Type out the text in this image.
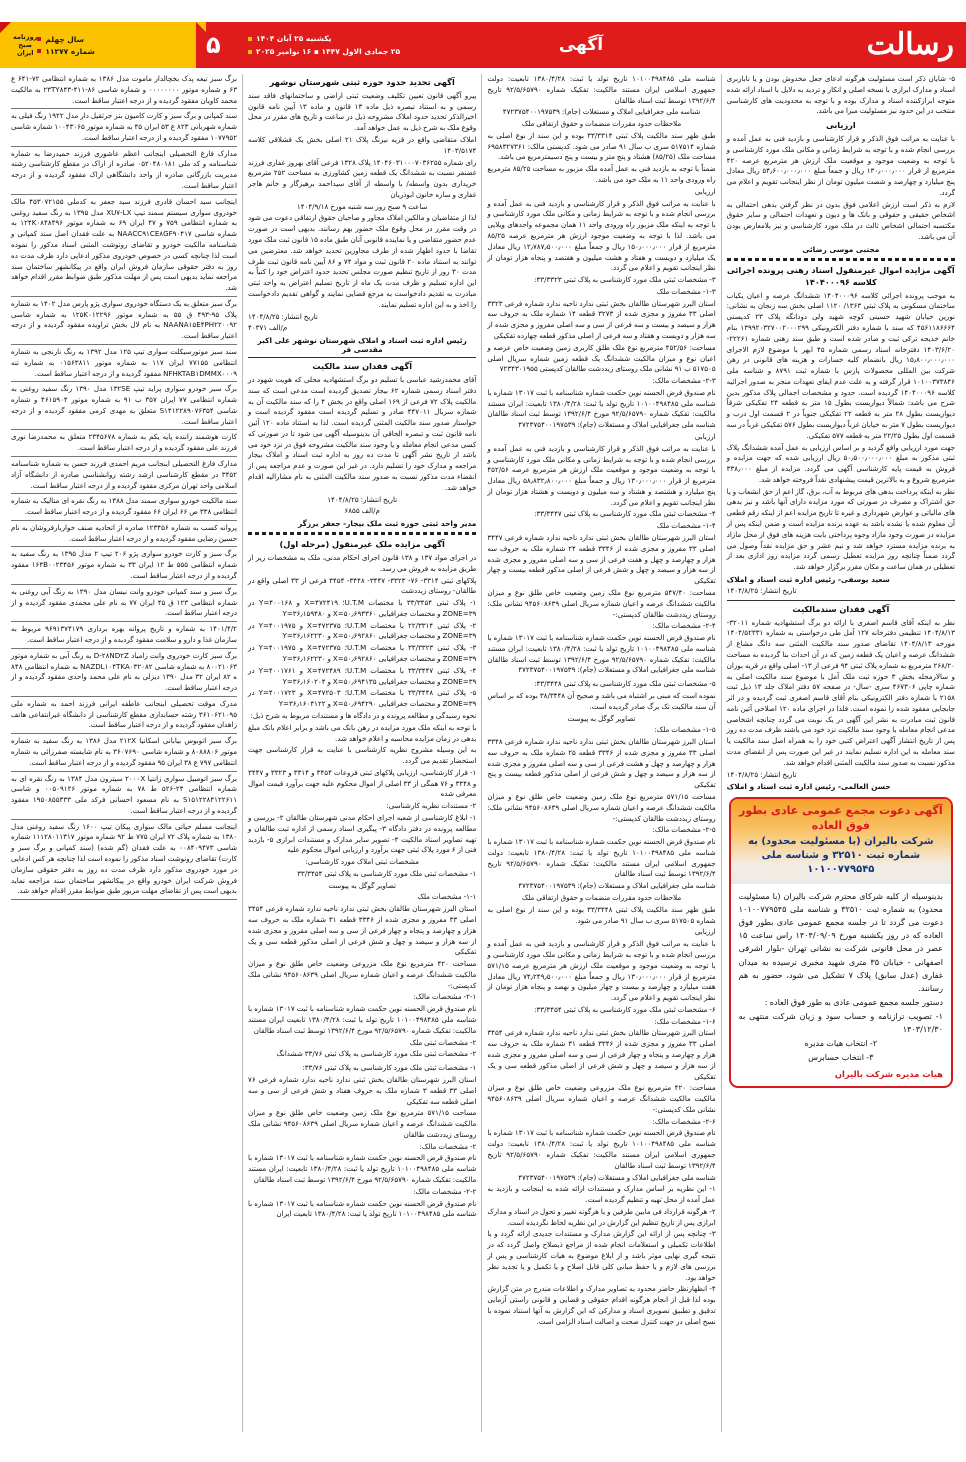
روزنامه
صبح
ایران
سال چهلم
شماره ۱۱۲۷۷	رسالت
آگهی
یکشنبه ۲۵ آبان ۱۴۰۴
۲۵ جمادی الاول ۱۴۴۷ ▪ ۱۶ نوامبر ۲۰۲۵
۵
۵- شایان ذکر است مسئولیت هرگونه ادعای جعل مخدوش بودن و یا ناباربری اسناد و مدارک ابرازی با نسخه اصلی و انکار و تردید به دلایل با اسناد ارائه شده متوجه ابرازکننده اسناد و مدارک بوده و با توجه به محدودیت های کارشناسی منتخب در این حدود نیز مسئولیت مبرا می باشد.
ارزیابی
با عنایت به مراتب فوق الذکر و قرار کارشناسی و بازدید فنی به عمل آمده و بررسی انجام شده و با توجه به شرایط زمانی و مکانی ملک مورد کارشناسی و با توجه به وضعیت موجود و موقعیت ملک ارزش هر مترمربع عرصه ۴۲۰ مترمربع از قرار ۱۳۰٫۰۰۰٫۰۰۰ ریال و جمعاً مبلغ ۵۴٫۶۰۰٫۰۰۰٫۰۰۰ ریال معادل پنج میلیارد و چهارصد و شصت میلیون تومان از نظر اینجانب تقویم و اعلام می گردد.
لازم به ذکر است ارزش اعلامی فوق بدون در نظر گرفتن بدهی احتمالی به اشخاص حقیقی و حقوقی و بانک ها و دیون و تعهدات احتمالی و سایر حقوق مکتسبه احتمالی اشخاص ثالث در ملک مورد کارشناسی و نیز بلامعارض بودن آن می باشد.
مجتبی موسی رضائی
آگهی مزایده اموال غیرمنقول اسناد رهنی پرونده اجرائی کلاسه ۱۴۰۴۰۰۰۹۶
به موجب پرونده اجرائی کلاسه ۱۴۰۴۰۰۰۹۶ ششدانگ عرصه و اعیان یکباب ساختمان مسکونی به پلاک ثبتی ۱۳۶۳/ ۱۱۲۰ اصلی بخش سه زنجان به نشانی: نورین خیابان شهید حسینی کوچه شهید ولی دودانگه پلاک ۲۳ کدپستی ۴۵۶۱۱۸۶۶۶۴ که سند با شماره دفتر الکترونیکی ۱۳۹۹۲۰۳۲۷۰۰۲۰۰۰۲۹۹ بنام خانم خدیجه ترکی ثبت و صادر شده است و طبق سند رهنی شماره ۲۲۲۶۱- ۱۴۰۳/۶/۲۰ دفترخانه اسناد رسمی شماره ۴۵ ابهر با موضوع لازم الاجرای ۱۵٫۸۰۰٫۰۰۰٫۰۰۰ ریال بانضمام کلیه خسارات و هزینه های قانونی در رهن شرکت بین المللی محصولات پارس با شماره ثبت ۸۷۹۱ و شناسه ملی ۱۰۱۰۰۳۷۳۸۴۶ قرار گرفته و به علت عدم ایفای تعهدات منجر به صدور اجرائیه کلاسه ۱۴۰۴۰۰۰۹۶ گردیده است. حدود و مشخصات اجمالی پلاک مذکور بدین شرح می باشد: شمالاً دیواریست بطول ۱۵ متر به قطعه ۲۴ تفکیکی شرقاً دیواریست بطول ۲۸ متر به قطعه ۲۲ تفکیکی جنوباً در ۲ قسمت اول درب و دیواریست بطول ۷ متر به خیابان غرباً دیواریست بطول ۵۷۶ تفکیکی غرباً در سه قسمت اول بطول ۲۲/۲۵ متر به قطعه ۵۷۷ تفکیکی.
جهت مورد ارزیابی واقع گردید و بر اساس ارزیابی به عمل آمده ششدانگ پلاک ثبتی مذکور به مبلغ ۵۰٫۵۰۰٫۰۰۰٫۰۰۰ ریال ارزیابی شده که جهت مزایده و فروش به قیمت پایه کارشناسی آگهی می گردد. مزایده از مبلغ ۳۳۸٫۰۰۰ مترمربع شروع و به بالاترین قیمت پیشنهادی نقداً فروخته خواهد شد.
نظر به اینکه پرداخت بدهی های مربوط به آب، برق، گاز اعم از حق انشعاب و یا حق اشتراک و مصرف در صورتی که مورد مزایده دارای آنها باشد و نیز بدهی های مالیاتی و عوارض شهرداری و غیره تا تاریخ مزایده اعم از اینکه رقم قطعی آن معلوم شده یا نشده باشد به عهده برنده مزایده است و ضمن اینکه پس از مزایده در صورت وجود مازاد وجوه پرداختی بابت هزینه های فوق از محل مازاد به برنده مزایده مسترد خواهد شد و نیم عشر و حق مزایده نقداً وصول می گردد ضمناً چنانچه روز مزایده تعطیل رسمی گردد مزایده روز اداری بعد از تعطیلی در همان ساعت و مکان مقرر برگزار خواهد شد.
سعید یوسفی- رئیس اداره ثبت اسناد و املاک
تاریخ انتشار: ۱۴۰۴/۸/۲۵
آگهی فقدان سندمالکیت
نظر به اینکه آقای قاسم اصغری با ارائه دو برگ استشهادیه شماره ۳۲۰۱۱- ۱۴۰۴/۸/۱۳ تنظیمی دفترخانه ۱۲۷ آمل طی درخواستی به شماره ۱۴۰۴/۵۲۳۳۱ مورخه ۱۴۰۴/۸/۱۳ تقاضای صدور سند مالکیت المثنی سه دانگ مشاع از ششدانگ عرصه و اعیان یک قطعه زمین که در آن احداث بنا گردیده به مساحت ۲۶۸/۲۰ مترمربع به شماره پلاک ثبتی ۹۴ فرعی از ۱۳- اصلی واقع در قریه بوران و سالارمحله بخش ۳ حوزه ثبت ملک آمل با موضوع سند مالکیت اصلی به شماره چاپی ۴۶۷۳۰۶ سری -سال- در صفحه ۵۷ دفتر املاک جلد ۱۳ ذیل ثبت ۲۱۵۸ با شماره دفتر الکترونیکی بنام آقای قاسم اصغری ثبت گردیده و در اثر جابجایی مفقود شده را نموده است. فلذا در اجرای ماده ۱۲۰ اصلاحی آئین نامه قانون ثبت مبادرت به نشر این آگهی در یک نوبت می گردد چنانچه اشخاصی مدعی انجام معامله یا وجود سند مالکیت نزد خود می باشند ظرف مدت ده روز پس از تاریخ انتشار آگهی اعتراض کتبی خود را به همراه اصل سند مالکیت یا سند معامله به این اداره تسلیم نمایند در غیر این صورت پس از انقضای مدت مذکور نسبت به صدور سند مالکیت المثنی اقدام خواهد شد.
تاریخ انتشار: ۱۴۰۴/۸/۲۵
حسن العالمی- رئیس اداره ثبت اسناد و املاک
آگهی دعوت مجمع عمومی عادی بطور فوق العاده
شرکت بالیران (با مسئولیت محدود) به شماره ثبت ۳۲۵۱۰ و شناسه ملی ۱۰۱۰۰۷۷۹۵۴۵
بدینوسیله از کلیه شرکای محترم شرکت بالیران (با مسئولیت محدود) به شماره ثبت ۳۲۵۱۰ و شناسه ملی ۱۰۱۰۰۷۷۹۵۴۵ دعوت می گردد تا در جلسه مجمع عمومی عادی بطور فوق العاده که در روز یکشنبه مورخ ۱۴۰۴/۰۹/۰۹ راس ساعت ۱۵ عصر در محل قانونی شرکت به نشانی تهران -بلوار اشرفی اصفهانی - خیابان ۳۵ متری شهید مخبری نرسیده به میدان غفاری (عدل سابق) پلاک ۷ تشکیل می شود، حضور به هم رسانند.
دستور جلسه مجمع عمومی عادی به طور فوق العاده :
۱- تصویب ترازنامه و حساب سود و زیان شرکت منتهی به ۱۴۰۳/۱۲/۳۰
۲- انتخاب هیات مدیره
۳- انتخاب حسابرس
هیات مدیره شرکت بالیران
شناسه ملی ۱۰۱۰۰۴۹۸۴۸۵ تاریخ تولد یا ثبت: ۱۳۸۰/۴/۲۸ تابعیت: دولت جمهوری اسلامی ایران مستند مالکیت: تفکیک شماره ۹۲/۵/۶۵۷۹۰ تاریخ ۱۳۹۲/۶/۴ توسط ثبت اسناد طالقان
شناسه ملی جغرافیایی املاک و مستغلات (جام): ۴۷۲۳۷۵۴۰۰۱۹۷۵۳۹
ملاحظات حدود مقررات منضمات و حقوق ارتفاقی ملک
طبق ظهر سند مالکیت پلاک ثبتی ۳۳/۳۳۱۴ بوده و این سند از نوع اصلی به شماره ۵۱۷۵۱۴ سری ب سال ۹۱ صادر می شود. کدپستی مالک: ۶۹۵۸۳۲۷۳۶۱ مساحت ملک (۸۵/۲۵) هشتاد و پنج متر و بیست و پنج دسیمترمربع می باشد.
ضمناً با توجه به بازدید فنی به عمل آمده ملک مزبور به مساحت ۸۵/۲۵ مترمربع راه ورودی واحد ۱۱ به ملک خود می باشد.
ارزیابی
با عنایت به مراتب فوق الذکر و قرار کارشناسی و بازدید فنی به عمل آمده و بررسی انجام شده و با توجه به شرایط زمانی و مکانی ملک مورد کارشناسی و با توجه به اینکه ملک مزبور راه ورودی واحد ۱۱ همان مجموعه واحدهای ویلایی می باشد. لذا با توجه به وضعیت موجود ارزش هر مترمربع عرصه ۸۵/۲۵ مترمربع از قرار ۱۵۰٫۰۰۰٫۰۰۰ ریال و جمعاً مبلغ ۱۲٫۷۸۷٫۵۰۰٫۰۰۰ ریال معادل یک میلیارد و دویست و هفتاد و هشت میلیون و هفتصد و پنجاه هزار تومان از نظر اینجانب تقویم و اعلام می گردد.
۳- مشخصات ثبتی ملک مورد کارشناسی به پلاک ثبتی ۳۳/۳۳۲۳:
۱-۳- مشخصات ملک
استان البرز شهرستان طالقان بخش ثبتی ندارد ناحیه ندارد شماره فرعی ۳۳۲۳ اصلی ۳۳ مفروز و مجزی شده از ۳۲۷۳ قطعه ۱۴ شماره ملک به حروف سه هزار و سیصد و بیست و سه فرعی از سی و سه اصلی مفروز و مجزی شده از سه هزار و دویست و هفتاد و سه فرعی از اصلی مذکور قطعه چهارده تفکیکی
مساحت: ۴۵۲/۵۶ مترمربع نوع ملک طلق کاربری زمین وضعیت خاص عرصه و اعیان نوع و میزان مالکیت ششدانگ یک قطعه زمین شماره سریال اصلی ۵۱۷۵۰۵ ب ۹۱ نشانی ملک روستای زیددشت طالقان کدپستی ۷۲۳۴۳۰۱۹۵۵
۲-۳- مشخصات مالک:
نام صندوق قرض الحسنه نوین حکمت شماره شناسنامه با ثبت ۱۳۰۱۷ شماره با شناسه ملی ۱۰۱۰۰۴۹۸۴۸۵ تاریخ تولد یا ثبت: ۱۳۸۰/۴/۲۸ تابعیت: ایران مستند مالکیت: تفکیک شماره ۹۲/۵/۶۵۷۹۰ مورخ ۱۳۹۲/۶/۴ توسط ثبت اسناد طالقان شناسه ملی جغرافیایی املاک و مستغلات (جام): ۴۷۲۳۷۵۴۰۰۱۹۷۵۳۹
ارزیابی
با عنایت به مراتب فوق الذکر و قرار کارشناسی و بازدید فنی به عمل آمده و بررسی انجام شده و با توجه به شرایط زمانی و مکانی ملک مورد کارشناسی و با توجه به وضعیت موجود و موقعیت ملک ارزش هر مترمربع عرصه ۴۵۲/۵۶ مترمربع از قرار ۱۳۰٫۰۰۰٫۰۰۰ ریال و جمعاً مبلغ ۵۸٫۸۳۲٫۸۰۰٫۰۰۰ ریال معادل پنج میلیارد و هشتصد و هشتاد و سه میلیون و دویست و هشتاد هزار تومان از نظر اینجانب تقویم و اعلام می گردد.
۴- مشخصات ثبتی ملک مورد کارشناسی به پلاک ثبتی ۳۳/۳۴۴۷:
۱-۴- مشخصات ملک
استان البرز شهرستان طالقان بخش ثبتی ندارد ناحیه ندارد شماره فرعی ۳۴۴۷ اصلی ۳۳ مفروز و مجزی شده از ۳۳۴۶ قطعه ۲۴ شماره ملک به حروف سه هزار و چهارصد و چهل و هفت فرعی از سی و سه اصلی مفروز و مجزی شده از سه هزار و سیصد و چهل و شش فرعی از اصلی مذکور قطعه بیست و چهار تفکیکی
مساحت: ۵۴۷/۴۰ مترمربع نوع ملک زمین وضعیت خاص طلق نوع و میزان مالکیت ششدانگ عرصه و اعیان شماره سریال اصلی ۹۴۵۶۰۸۶۳۹ نشانی ملک: روستای زیددشت طالقان کدپستی:-
۲-۴- مشخصات مالک:
نام صندوق قرض الحسنه نوین حکمت شماره شناسنامه با ثبت ۱۳۰۱۷ شماره با شناسه ملی ۱۰۱۰۰۴۹۸۴۸۵ تاریخ تولد یا ثبت: ۱۳۸۰/۴/۲۸ تابعیت: ایران مستند مالکیت: تفکیک شماره ۹۲/۵/۶۵۷۹۰ مورخ ۱۳۹۲/۶/۴ توسط ثبت اسناد طالقان شناسه ملی جغرافیایی املاک و مستغلات (جام): ۴۷۲۳۷۵۴۰۰۱۹۷۵۳۹
۵- مشخصات ثبتی ملک مورد کارشناسی به پلاک ثبتی ۳۳/۳۴۴۸:
نموده است که مبنی بر اشتباه می باشد و صحیح آن ۳۸/۳۴۴۸ بوده که بر اساس آن سند مالکیت تک برگ صادر گردیده است.
تصاویر گوگل به پیوست
۱-۵- مشخصات ملک:
استان البرز شهرستان طالقان بخش ثبتی ندارد ناحیه ندارد شماره فرعی ۳۳۴۸ اصلی ۳۳ مفروز و مجزی شده از ۳۳۴۶ قطعه ۲۵ شماره ملک به حروف سه هزار و چهارصد و چهل و هشت فرعی از سی و سه اصلی مفروز و مجزی شده از سه هزار و سیصد و چهل و شش فرعی از اصلی مذکور قطعه بیست و پنج تفکیکی
مساحت ۵۷۱/۱۵ مترمربع نوع ملک زمین وضعیت خاص طلق نوع و میزان مالکیت ششدانگ عرصه و اعیان شماره سریال اصلی ۹۴۵۶۰۸۶۳۹ نشانی ملک: روستای زیددشت طالقان کدپستی:-
۲-۵- مشخصات مالک:
نام صندوق قرض الحسنه نوین حکمت شماره شناسنامه با ثبت ۱۳۰۱۷ شماره با شناسه ملی ۱۰۱۰۰۴۹۸۴۸۵ تاریخ تولد یا ثبت: ۱۳۸۰/۴/۲۸ تابعیت: دولت جمهوری اسلامی ایران مستند مالکیت: تفکیک شماره ۹۲/۵/۶۵۷۹۰ تاریخ ۱۳۹۲/۶/۴ توسط ثبت اسناد طالقان
شناسه ملی جغرافیایی املاک و مستغلات (جام): ۴۷۲۳۷۵۴۰۰۱۹۷۵۳۹
ملاحظات حدود مقررات منضمات و حقوق ارتفاقی ملک
طبق ظهر سند مالکیت پلاک ثبتی ۳۳/۳۴۴۸ بوده و این سند از نوع اصلی به شماره ۵۱۷۵۰۵ سری ب سال ۹۱ صادر می شود.
ارزیابی
با عنایت به مراتب فوق الذکر و قرار کارشناسی و بازدید فنی به عمل آمده و بررسی انجام شده و با توجه به شرایط زمانی و مکانی ملک مورد کارشناسی و با توجه به وضعیت موجود و موقعیت ملک ارزش هر مترمربع عرصه ۵۷۱/۱۵ مترمربع از قرار ۱۳۰٫۰۰۰٫۰۰۰ ریال و جمعاً مبلغ ۷۴٫۲۴۹٫۵۰۰٫۰۰۰ ریال معادل هفت میلیارد و چهارصد و بیست و چهار میلیون و نهصد و پنجاه هزار تومان از نظر اینجانب تقویم و اعلام می گردد.
۶- مشخصات ثبتی ملک مورد کارشناسی به پلاک ثبتی ۳۳/۳۴۵۴:
۱-۶- مشخصات ملک:
استان البرز شهرستان طالقان بخش ثبتی ندارد ناحیه ندارد شماره فرعی ۳۴۵۴ اصلی ۳۳ مفروز و مجزی شده از ۳۳۴۶ قطعه ۳۱ شماره ملک به حروف سه هزار و چهارصد و پنجاه و چهار فرعی از سی و سه اصلی مفروز و مجزی شده از سه هزار و سیصد و چهل و شش فرعی از اصلی مذکور قطعه سی و یک تفکیکی
مساحت: ۴۲۰ مترمربع نوع ملک مزروعی وضعیت خاص طلق نوع و میزان مالکیت مالکیت ششدانگ عرصه و اعیان شماره سریال اصلی ۹۴۵۶۰۸۶۳۹ نشانی ملک کدپستی:-
۲-۶- مشخصات مالک:
نام صندوق قرض الحسنه نوین حکمت شماره شناسنامه با ثبت ۱۳۰۱۷ شماره با شناسه ملی ۱۰۱۰۰۴۹۸۴۸۵ تاریخ تولد یا ثبت: ۱۳۸۰/۴/۲۸ تابعیت: دولت جمهوری اسلامی ایران مستند مالکیت: تفکیک شماره ۹۲/۵/۶۵۷۹۰ تاریخ ۱۳۹۲/۶/۴ توسط ثبت اسناد طالقان
شناسه ملی جغرافیایی املاک و مستغلات (جام): ۴۷۲۳۷۵۴۰۰۱۹۷۵۳۹
۱- این نظریه بر اساس مدارک و مستندات ارائه شده به اینجانب و بازدید به عمل آمده از محل تهیه و تنظیم گردیده است.
۲- هرگونه قرارداد فی مابین طرفین و یا هرگونه تغییر و تحول در اسناد و مدارک ابرازی پس از تاریخ تنظیم این گزارش در این نظریه لحاظ نگردیده است.
۳- چنانچه پس از ارائه این گزارش مدارک و مستندات جدیدی ارائه گردد و یا اطلاعات تکمیلی و استعلامات انجام شده از مراجع ذیصلاح واصل گردد که در نتیجه گیری نهایی موثر باشد و از ابلاغ موضوع به هیات کارشناسی و پس از بررسی های لازم و با حفظ مبانی کلی قابل اصلاح و یا تکمیل و یا تجدید نظر خواهد بود.
۴- انظهارنظر حاضر محدود به تصاویر مدارک و اطلاعات مندرج در متن گزارش بوده لذا قبل از انجام هرگونه اقدام حقوقی و قضایی و قانونی راستی آزمایی تدقیق و تطبیق تصویری اسناد و مدارکی که این گزارش به آنها استناد نموده با نسخ اصلی در جهت کنترل صحت و اصالت اسناد الزامی است.
آگهی تحدید حدود حوزه ثبتی شهرستان نوشهر
پیرو آگهی قانون تعیین تکلیف وضعیت ثبتی اراضی و ساختمانهای فاقد سند رسمی و به استناد تبصره ذیل ماده ۱۳ قانون و ماده ۱۳ آیین نامه قانون اخیرالذکر تحدید حدود املاک مشروحه ذیل در ساعت و تاریخ های مقرر در محل وقوع ملک به شرح ذیل به عمل خواهد آمد.
املاک متقاضی واقع در قریه نیرنگ پلاک ۲۱ اصلی بخش یک قشلاقی کلاسه ۱۴۰۳/۵۱۷۴
رای شماره ۱۴۰۴۶۰۳۱۰۰۰۷۰۳۶۲۵۵ پلاک ۱۳۲۸ فرعی آقای بهروز غفاری فرزند غضنفر نسبت به ششدانگ یک قطعه زمین کشاورزی به مساحت ۲۵۲ مترمربع خریداری بدون واسطه/ با واسطه از آقای سیداحمد برهیزگار و خانم هاجر غفاری و ساره خانون ابوذریان
ساعت ۹ صبح روز سه شنبه مورخ ۱۴۰۴/۹/۱۸
لذا از متقاضیان و مالکین املاک مجاور و صاحبان حقوق ارتفاقی دعوت می شود در وقت مقرر در محل وقوع ملک حضور بهم رسانند. بدیهی است در صورت عدم حضور متقاضی و یا نماینده قانونی آنان طبق ماده ۱۵ قانون ثبت ملک مورد تقاضا با حدود اظهار شده از طرف مجاورین تحدید خواهد شد. معترضین می توانند به استناد ماده ۲۰ قانون ثبت و مواد ۷۴ و ۸۶ آیین نامه قانون ثبت ظرف مدت ۳۰ روز از تاریخ تنظیم صورت مجلس تحدید حدود اعتراض خود را کتباً به این اداره تسلیم و ظرف مدت یک ماه از تاریخ تسلیم اعتراض به واحد ثبتی مبادرت به تقدیم دادخواست به مرجع قضایی نمایند و گواهی تقدیم دادخواست را اخذ و به این اداره تسلیم نمایند.
تاریخ انتشار: ۱۴۰۴/۸/۲۵
م/الف ۴۰۳۷۱
رئیس اداره ثبت اسناد و املاک شهرستان نوشهر علی اکبر مقدسی فر
آگهی فقدان سند مالکیت
آقای محمدرشید عباسی با تسلیم دو برگ استشهادیه محلی که هویت شهود در دفتر اسناد رسمی شماره ۶۲ بیجار تصدیق گردیده است مدعی است که سند مالکیت پلاک ۷۲ فرعی از ۱۶۹ اصلی واقع در بخش ۴ را که سند مالکیت آن به شماره سریال ۴۴۷۰۱۱ صادر و تسلیم گردیده است مفقود گردیده است و خواستار صدور سند مالکیت المثنی گردیده است. لذا به استناد ماده ۱۲۰ آئین نامه قانون ثبت و تبصره الحاقی آن بدینوسیله آگهی می شود تا در صورتی که کسی مدعی انجام معامله و یا وجود سند مالکیت مشروحه فوق در نزد خود می باشد از تاریخ نشر آگهی تا مدت ده روز به اداره ثبت اسناد و املاک بیجار مراجعه و مدارک خود را تسلیم دارد. در غیر این صورت و عدم مراجعه پس از انقضاء مدت مذکور نسبت به صدور سند مالکیت المثنی به نام مشارالیه اقدام خواهد شد.
تاریخ انتشار: ۱۴۰۴/۸/۲۵
م/الف ۶۸۵۵
مدیر واحد ثبتی حوزه ثبت ملک بیجار- جعفر برزگر
آگهی مزایده ملک غیرمنقول (مرحله اول)
در اجرای مواد ۱۳۷ و ۱۳۸ قانون اجرای احکام مدنی، ملک به مشخصات زیر از طریق مزایده به فروش می رسد.
پلاکهای ثبتی ۳۳۱۴- ۷۶- ۳۳۲۳- ۳۴۴۷- ۳۴۴۸- ۳۴۵۴ فرعی از ۳۳ اصلی واقع در طالقان- روستای زیددشت
۱- پلاک ثبتی ۳۳/۳۴۵۴ با مختصات U.T.M؛ X=۴۷۲۴۱۹ و Y=۴۰۰۱۶۸ در ZONE=۳۹ و مختصات جغرافیایی X=۵۰٫۶۹۳۳۶۰ و Y=۳۶٫۱۵۹۴۸۰
۲- پلاک ثبتی ۲۲/۳۳۱۴ با مختصات U.T.M؛ X=۴۷۲۳۷۵ و Y=۴۰۰۱۹۷۵ در ZONE=۳۹ و مختصات جغرافیایی X=۵۰٫۶۹۲۸۶۰ و Y=۳۶٫۱۶۲۲۳۰
۳- پلاک ثبتی ۳۳/۳۳۲۳ با مختصات U.T.M؛ X=۴۷۲۳۷۵ و Y=۴۰۰۱۹۷۵ در ZONE=۳۹ و مختصات جغرافیایی X=۵۰٫۶۹۲۸۶۰ و Y=۳۶٫۱۶۲۲۳۰
۴- پلاک ثبتی ۳۳/۳۴۴۷ با مختصات U.T.M؛ X=۴۷۲۴۸۹ و Y=۴۰۰۱۷۶۱ در ZONE=۳۹ و مختصات جغرافیایی X=۵۰٫۶۹۴۱۳۵ و Y=۳۶٫۱۶۰۲۰۴
۵- پلاک ثبتی ۳۳/۳۴۴۸ با مختصات U.T.M؛ X=۴۷۲۵۰۳ و Y=۴۰۰۱۷۲۳ در ZONE=۳۹ و مختصات جغرافیایی X=۵۰٫۶۹۴۲۹۰ و Y=۳۶٫۱۶۰۴۱۲۲
نحوه رسیدگی و مطالعه پرونده و در دادگاه ها و مستندات مربوط به شرح ذیل:
با توجه به اینکه ملک مورد مزایده در رهن بانک می باشد و برابر اعلام بانک مبلغ بدهی در زمان مزایده محاسبه و اعلام خواهد شد.
به این وسیله مشروح نظریه کارشناسی با عنایت به قرار کارشناسی جهت استحضار تقدیم می گردد.
۱- قرار کارشناسی، ارزیابی پلاکهای ثبتی فروعات ۳۴۵۴ و ۳۳۱۴ و ۳۳۲۳ و ۳۴۴۷ و ۳۴۴۸ و ۷۶ همگی از ۳۳ اصلی از اموال محکوم علیه جهت برآورد قیمت اموال معرفی شده
۲- مستندات نظریه کارشناسی:
۱- ابلاغ کارشناسی از شعبه اجرای احکام مدنی شهرستان طالقان ۲- بررسی و مطالعه پرونده در دفتر دادگاه ۳- پیگیری اسناد رسمی از اداره ثبت طالقان و تهیه تصاویر اسناد مالکیت ۴- تصویر سایر مدارک و مستندات ابرازی ۵- بازدید فنی از ۶ مورد پلاک ثبتی جهت برآورد و ارزیابی اموال محکوم علیه
مشخصات ثبتی املاک مورد کارشناسی:
۱- مشخصات ثبتی ملک مورد کارشناسی به پلاک ثبتی ۳۳/۳۴۵۴
تصاویر گوگل به پیوست
۱-۱- مشخصات ملک
استان البرز شهرستان طالقان بخش ثبتی ندارد ناحیه ندارد شماره فرعی ۳۴۵۴ اصلی ۳۳ مفروز و مجزی شده از ۳۳۴۶ قطعه ۳۱ شماره ملک به حروف سه هزار و چهارصد و پنجاه و چهار فرعی از سی و سه اصلی مفروز و مجزی شده از سه هزار و سیصد و چهل و شش فرعی از اصلی مذکور قطعه سی و یک تفکیکی
مساحت ۴۲۰ مترمربع نوع ملک مزروعی وضعیت خاص طلق نوع و میزان مالکیت ششدانگ عرصه و اعیان شماره سریال اصلی ۹۴۵۶۰۸۶۳۹ نشانی ملک کدپستی:-
۲-۱- مشخصات مالک:
نام صندوق قرض الحسنه نوین حکمت شماره شناسنامه با ثبت ۱۳۰۱۷ شماره با شناسه ملی ۱۰۱۰۰۴۹۸۴۸۵ تاریخ تولد یا ثبت: ۱۳۸۰/۴/۲۸ تابعیت ایران مستند مالکیت: تفکیک شماره ۹۲/۵/۶۵۷۹۰ مورخ ۱۳۹۲/۶/۴ توسط ثبت اسناد طالقان
۲- مشخصات ثبتی ملک
۲- مشخصات ثبتی ملک مورد کارشناسی به پلاک ثبتی ۳۳/۷۶ ششدانگ
۱- مشخصات ثبتی ملک مورد کارشناسی به پلاک ثبتی ۳۳/۷۶:
استان البرز شهرستان طالقان بخش ثبتی ندارد ناحیه ندارد شماره فرعی ۷۶ اصلی ۳۳ قطعه ۳ شماره ملک به حروف هفتاد و شش فرعی از سی و سه اصلی قطعه سه تفکیکی
مساحت ۵۷۱/۱۵ مترمربع نوع ملک زمین وضعیت خاص طلق نوع و میزان مالکیت ششدانگ عرصه و اعیان شماره سریال اصلی ۹۴۵۶۰۸۶۳۹ نشانی ملک روستای زیددشت طالقان
۲- مشخصات مالک:
نام صندوق قرض الحسنه نوین حکمت شماره شناسنامه با ثبت ۱۳۰۱۷ شماره با شناسه ملی ۱۰۱۰۰۴۹۸۴۸۵ تاریخ تولد یا ثبت: ۱۳۸۰/۴/۲۸ تابعیت: ایران مستند مالکیت: تفکیک شماره ۹۲/۵/۶۵۷۹۰ مورخ ۱۳۹۲/۶/۴ توسط ثبت اسناد طالقان
۲-۲- مشخصات مالک:
نام صندوق قرض الحسنه نوین حکمت شماره شناسنامه با ثبت ۱۳۰۱۷ شماره با شناسه ملی ۱۰۱۰۰۴۹۸۴۸۵ تاریخ تولد یا ثبت: ۱۳۸۰/۴/۲۸ تابعیت ایران
برگ سبز تیغه پدک بخچالدار ماموت مدل ۱۳۸۶ به شماره انتظامی ۷۲-۶۴۱ ع ۶۳ و شماره موتور ۰۰۰۰۰۰۰۰ و شماره شاسی ۸۶-۴۱۱-۲۳TY۸۴۳ به مالکیت محمد کاویان مفقود گردیده و از درجه اعتبار ساقط است.
سند کمپانی و برگ سبز و کارت کامیون بنز جرثقیل دار مدل ۱۹۲۲ رنگ فیلی به شماره شهربانی ۸۲۳ ع ۵۳ ایران ۴۵ به شماره موتور ۱۰۰۴۳۰۶۵ شماره شاسی ۱۰۷۷۹۵۲ مفقود گردیده و از درجه اعتبار ساقط است.
مدارک فارغ التحصیلی اینجانب اعظم عاشوری فرزند حمیدرضا به شماره شناسنامه و کد ملی ۰۵۲۰۴۸۰۱۸۱ صادره از اراک در مقطع کارشناسی رشته مدیریت بازرگانی صادره از واحد دانشگاهی اراک مفقود گردیده و از درجه اعتبار ساقط است.
اینجانب سید احسان قادری فرزند سید جعفر به کدملی ۴۵۳۰۷۲۱۵۵ مالک خودروی سواری سیستم سمند تیپ XU۷-LX مدل ۱۳۹۵ به رنگ سفید روغنی به شماره انتظامی ۷۵۹ و ۴۷ ایران ۶۹ به شماره موتور ۱۲۴K۰۸۴۸۴۹۶ به شماره شاسی NAACC۹۱CE۸GF۹۰۴۱۷ به علت فقدان اصل سند کمپانی و شناسنامه مالکیت خودرو و تقاضای رونوشت المثنی اسناد مذکور را نموده است لذا چنانچه کسی در خصوص خودروی مذکور ادعایی دارد ظرف مدت ده روز به دفتر حقوقی سازمان فروش ایران واقع در پیکانشهر ساختمان سند مراجعه نماید بدیهی است پس از مهلت مذکور طبق ضوابط مقرر اقدام خواهد شد.
برگ سبز متعلق به یک دستگاه خودروی سواری پژو پارس مدل ۱۴۰۲ به شماره پلاک ۹۵-۴۹۳ ق ۵۵ به شماره موتور ۱۲۵K۰۱۲۲۹۶ به شماره شاسی NAANA۱۵E۴PH۲۲۰۰۹۲ به نام لال بخش تراویده مفقود گردیده و از درجه اعتبار ساقط است.
سند سبز موتورسیکلت سواری تیپ ۱۲۵ مدل ۱۳۹۲ به رنگ نارنجی به شماره انتظامی ۷۷۱۵۵ ایران ۱۱۷ به شماره موتور ۰۱۵۶۳۸۱۱ به شماره تنه NFHKTAB۱DMMX۰۰۰۹ مفقود گردیده و از درجه اعتبار ساقط است.
برگ سبز خودرو سواری پراید تیپ ۱۳۲SE مدل ۱۳۹۰ رنگ سفید روغنی به شماره انتظامی ۷۷ ایران ۳۵۷ ب ۹۱ به شماره موتور ۴۶۱۵۹۰۴ و شماره شاسی S۱۴۱۲۲۸۹۰۷۶۳۵۴ متعلق به مهدی کرمی مفقود گردیده و از درجه اعتبار ساقط است.
کارت هوشمند راننده پایه یکم به شماره ۲۳۴۵۶۷۸ متعلق به محمدرضا نوری فرزند علی مفقود گردیده و از درجه اعتبار ساقط است.
مدارک فارغ التحصیلی اینجانب مریم احمدی فرزند حسن به شماره شناسنامه ۳۴۵۲ در مقطع کارشناسی ارشد رشته روانشناسی صادره از دانشگاه آزاد اسلامی واحد تهران مرکزی مفقود گردیده و از درجه اعتبار ساقط است.
سند مالکیت خودرو سواری سمند مدل ۱۳۸۸ به رنگ نقره ای متالیک به شماره انتظامی ۳۳۸ ص ۶۶ ایران ۶۶ مفقود گردیده و از درجه اعتبار ساقط است.
پروانه کسب به شماره ۱۲۳۴۵۶ صادره از اتحادیه صنف خواربارفروشان به نام حسین رضایی مفقود گردیده و از درجه اعتبار ساقط است.
برگ سبز و کارت خودرو سواری پژو ۲۰۶ تیپ ۲ مدل ۱۳۹۵ به رنگ سفید به شماره انتظامی ۵۵۵ ط ۱۲ ایران ۳۳ به شماره موتور ۱۶۴B۰۰۲۳۴۵۶ مفقود گردیده و از درجه اعتبار ساقط است.
برگ سبز و سند کمپانی خودرو وانت نیسان مدل ۱۳۹۰ به رنگ آبی روغنی به شماره انتظامی ۱۲۳ ق ۴۵ ایران ۷۷ به نام علی محمدی مفقود گردیده و از درجه اعتبار ساقط است.
۱۴۰۱/۴/۲ به شماره و تاریخ پروانه بهره برداری ۹۶۹۱۳۷۴۱۷۹ مربوط به سازمان غذا و دارو و سلامت مفقود گردیده و از درجه اعتبار ساقط است.
برگ سبز کارت خودروی وانت زامیاد D-۲۸ND۲Z به رنگ آبی به شماره موتور ۸۰۰۲۱۰۶۳ به شماره شاسی NAZDL۱۰۴TKA۰۳۲۰۸۲ به شماره انتظامی ۸۴۸ ه ۸۲ ایران ۳۲ مدل ۱۳۹۰ دیزلی به نام علی محمد واحدی مفقود گردیده و از درجه اعتبار ساقط است.
مدرک موقت تحصیلی اینجانب عاطفه ایرانی فرزند احمد به شماره ملی ۳۶۱۰۶۲۱۰۹۵ رشته حسابداری مقطع کارشناسی از دانشگاه غیرانتفاعی هاتف زاهدان مفقود گردیده و از درجه اعتبار ساقط است.
برگ سبز اتوبوس بیابانی اسکانیا ۲۱۲X مدل ۱۳۸۶ به رنگ سفید به شماره موتور ۸۰۸۸۸۰۶ و شماره شاسی ۳۶۰۷۶۹۰ به نام شایسته صفرزائی به شماره انتظامی ۷۹۷ ع ۳۸ ایران ۹۵ مفقود گردیده و از درجه اعتبار ساقط است.
برگ سبز اتومبیل سواری زانتیا ۲۰۰۰X سیترون مدل ۱۳۸۴ به رنگ نقره ای به شماره انتظامی ۲۴-۵۲۶ ط ۷۸ به شماره موتور ۰۰۵۰۹۱۲۶ و شاسی S۱۵۱۲۲۸۴۱۲۲۶۱۱ به نام مسعود احسانی فرکد ملی ۱۹۵۰۸۵۵۳۳۳ مفقود گردیده و از درجه اعتبار ساقط است.
اینجانب مسلم حیاتی مالک سواری پیکان تیپ ۱۶۰۰ رنگ سفید روغنی مدل ۱۳۸۰ به شماره پلاک ۷۲ ایران ۷۷۵ ط ۹۲ شماره موتور ۱۱۱۲۸۰۱۱۳۱۷ شماره شاسی ۰۰۸۴۰۹۴۷۳ به علت فقدان (گم شده) (سند کمپانی و برگ سبز و کارت) تقاضای رونوشت اسناد مذکور را نموده است لذا چنانچه هر کس ادعایی در مورد خودروی مذکور دارد ظرف مدت ده روز به دفتر حقوقی سازمان فروش شرکت ایران خودرو واقع در پیکانشهر ساختمان سند مراجعه نماید بدیهی است پس از تقاضای مهلت مزبور طبق ضوابط مقرر اقدام خواهد شد.
